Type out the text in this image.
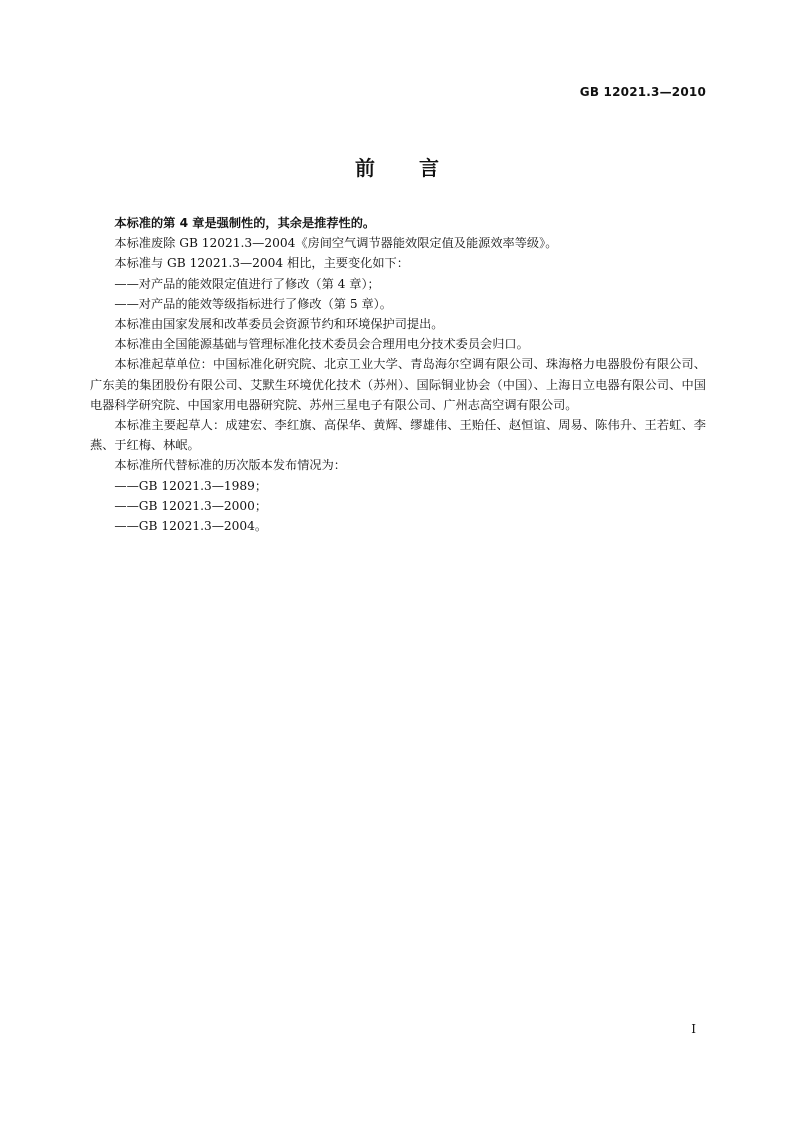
GB 12021.3—2010
前言

本标准的第 4 章是强制性的，其余是推荐性的。

本标准废除 GB 12021.3—2004《房间空气调节器能效限定值及能源效率等级》。

本标准与 GB 12021.3—2004 相比，主要变化如下：

——对产品的能效限定值进行了修改（第 4 章）；

——对产品的能效等级指标进行了修改（第 5 章）。

本标准由国家发展和改革委员会资源节约和环境保护司提出。

本标准由全国能源基础与管理标准化技术委员会合理用电分技术委员会归口。

本标准起草单位：中国标准化研究院、北京工业大学、青岛海尔空调有限公司、珠海格力电器股份有限公司、广东美的集团股份有限公司、艾默生环境优化技术（苏州）、国际铜业协会（中国）、上海日立电器有限公司、中国电器科学研究院、中国家用电器研究院、苏州三星电子有限公司、广州志高空调有限公司。

本标准主要起草人：成建宏、李红旗、高保华、黄辉、缪雄伟、王贻任、赵恒谊、周易、陈伟升、王若虹、李燕、于红梅、林岷。

本标准所代替标准的历次版本发布情况为：

——GB 12021.3—1989；

——GB 12021.3—2000；

——GB 12021.3—2004。

I
